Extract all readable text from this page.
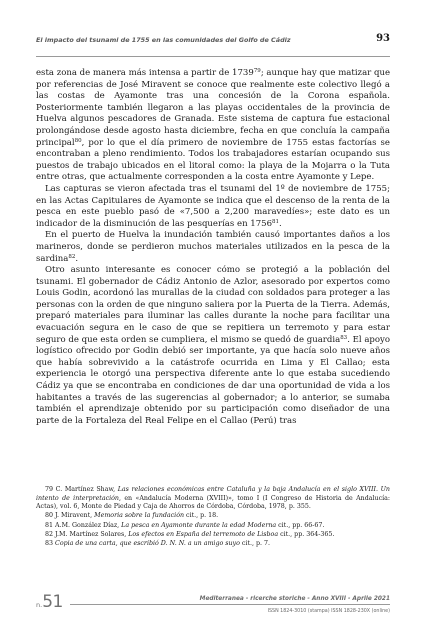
El impacto del tsunami de 1755 en las comunidades del Golfo de Cádiz	93

esta zona de manera más intensa a partir de 1739$^{79}$; aunque hay que matizar que por referencias de José Miravent se conoce que realmente este colectivo llegó a las costas de Ayamonte tras una concesión de la Corona española. Posteriormente también llegaron a las playas occidentales de la provincia de Huelva algunos pescadores de Granada. Este sistema de captura fue estacional prolongándose desde agosto hasta diciembre, fecha en que concluía la campaña principal$^{80}$, por lo que el día primero de noviembre de 1755 estas factorías se encontraban a pleno rendimiento. Todos los trabajadores estarían ocupando sus puestos de trabajo ubicados en el litoral como: la playa de la Mojarra o la Tuta entre otras, que actualmente corresponden a la costa entre Ayamonte y Lepe.

Las capturas se vieron afectada tras el tsunami del 1º de noviembre de 1755; en las Actas Capitulares de Ayamonte se indica que el descenso de la renta de la pesca en este pueblo pasó de «7,500 a 2,200 maravedíes»; este dato es un indicador de la disminución de las pesquerías en 1756$^{81}$.

En el puerto de Huelva la inundación también causó importantes daños a los marineros, donde se perdieron muchos materiales utilizados en la pesca de la sardina$^{82}$.

Otro asunto interesante es conocer cómo se protegió a la población del tsunami. El gobernador de Cádiz Antonio de Azlor, asesorado por expertos como Louis Godin, acordonó las murallas de la ciudad con soldados para proteger a las personas con la orden de que ninguno saliera por la Puerta de la Tierra. Además, preparó materiales para iluminar las calles durante la noche para facilitar una evacuación segura en le caso de que se repitiera un terremoto y para estar seguro de que esta orden se cumpliera, el mismo se quedó de guardia$^{83}$. El apoyo logístico ofrecido por Godin debió ser importante, ya que hacía solo nueve años que había sobrevivido a la catástrofe ocurrida en Lima y El Callao; esta experiencia le otorgó una perspectiva diferente ante lo que estaba sucediendo Cádiz ya que se encontraba en condiciones de dar una oportunidad de vida a los habitantes a través de las sugerencias al gobernador; a lo anterior, se sumaba también el aprendizaje obtenido por su participación como diseñador de una parte de la Fortaleza del Real Felipe en el Callao (Perú) tras

79 C. Martínez Shaw, Las relaciones económicas entre Cataluña y la baja Andalucía en el siglo XVIII. Un intento de interpretación, en «Andalucía Moderna (XVIII)», tomo I (I Congreso de Historia de Andalucía: Actas), vol. 6, Monte de Piedad y Caja de Ahorros de Córdoba, Córdoba, 1978, p. 355.

80 J. Miravent, Memoria sobre la fundación cit., p. 18.

81 A.M. González Díaz, La pesca en Ayamonte durante la edad Moderna cit., pp. 66-67.

82 J.M. Martínez Solares, Los efectos en España del terremoto de Lisboa cit., pp. 364-365.

83 Copia de una carta, que escribió D. N. N. a un amigo suyo cit., p. 7.

n.51	Mediterranea - ricerche storiche - Anno XVIII - Aprile 2021
ISSN 1824-3010 (stampa) ISSN 1828-230X (online)
